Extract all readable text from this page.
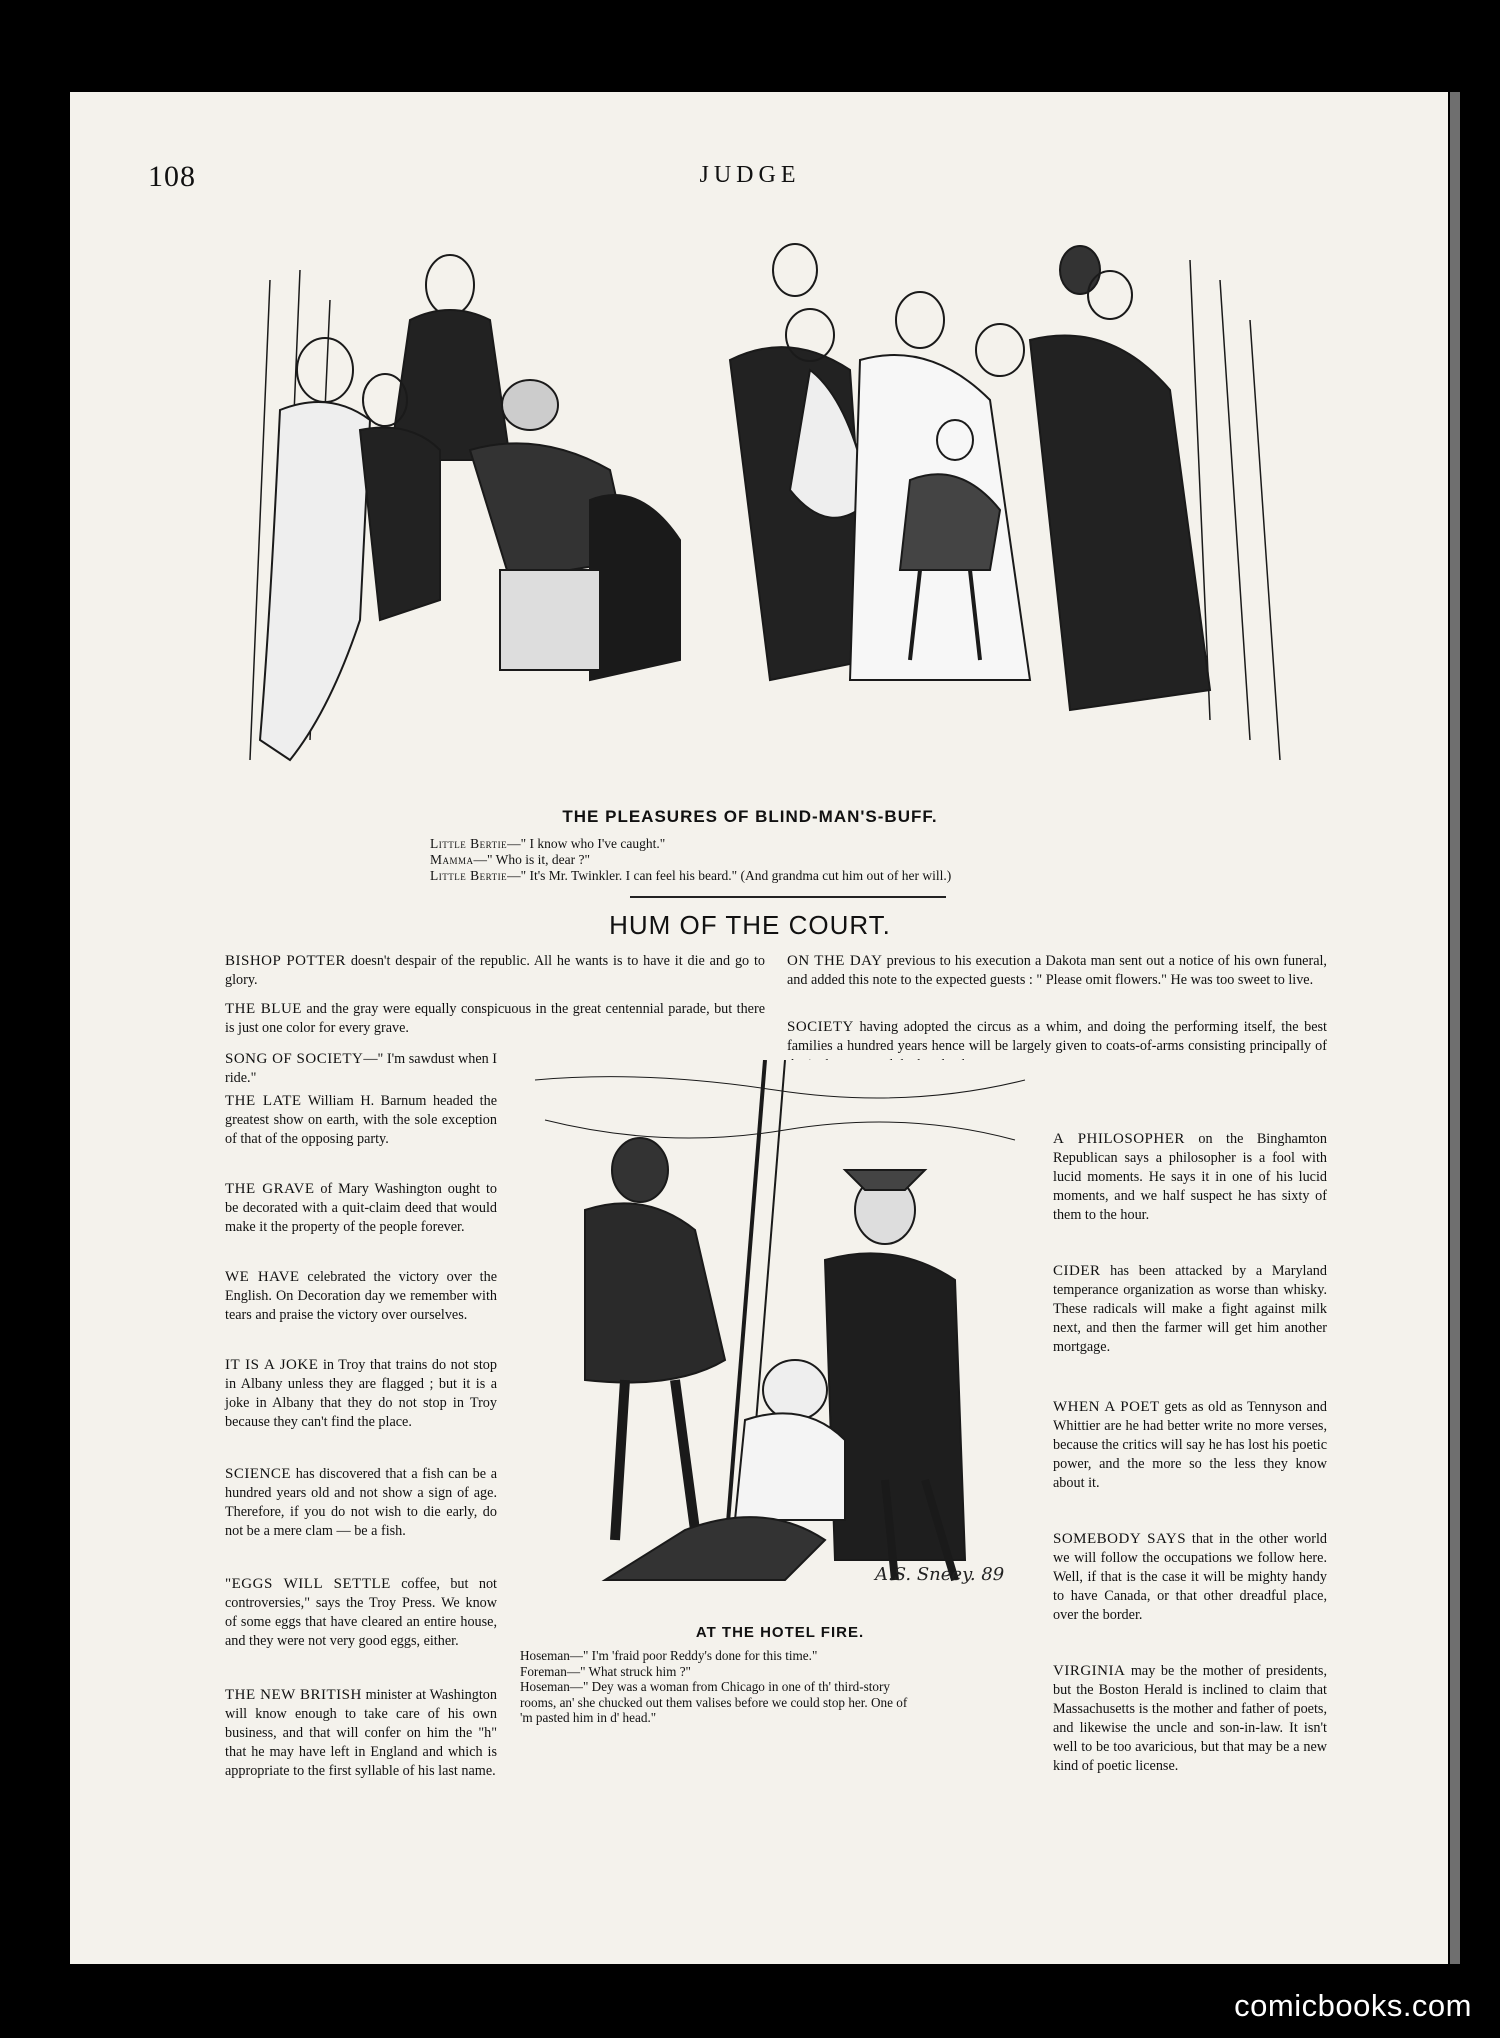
108	JUDGE
THE PLEASURES OF BLIND-MAN'S-BUFF.
Little Bertie—" I know who I've caught."
Mamma—" Who is it, dear ?"
Little Bertie—" It's Mr. Twinkler. I can feel his beard." (And grandma cut him out of her will.)
HUM OF THE COURT.
BISHOP POTTER doesn't despair of the republic. All he wants is to have it die and go to glory.
THE BLUE and the gray were equally conspicuous in the great centennial parade, but there is just one color for every grave.
SONG OF SOCIETY—" I'm sawdust when I ride."
THE LATE William H. Barnum headed the greatest show on earth, with the sole exception of that of the opposing party.
THE GRAVE of Mary Washington ought to be decorated with a quit-claim deed that would make it the property of the people forever.
WE HAVE celebrated the victory over the English. On Decoration day we remember with tears and praise the victory over ourselves.
IT IS A JOKE in Troy that trains do not stop in Albany unless they are flagged ; but it is a joke in Albany that they do not stop in Troy because they can't find the place.
SCIENCE has discovered that a fish can be a hundred years old and not show a sign of age. Therefore, if you do not wish to die early, do not be a mere clam — be a fish.
"EGGS WILL SETTLE coffee, but not controversies," says the Troy Press. We know of some eggs that have cleared an entire house, and they were not very good eggs, either.
THE NEW BRITISH minister at Washington will know enough to take care of his own business, and that will confer on him the "h" that he may have left in England and which is appropriate to the first syllable of his last name.
ON THE DAY previous to his execution a Dakota man sent out a notice of his own funeral, and added this note to the expected guests : " Please omit flowers." He was too sweet to live.
SOCIETY having adopted the circus as a whim, and doing the performing itself, the best families a hundred years hence will be largely given to coats-of-arms consisting principally of
A PHILOSOPHER on the Binghamton Republican says a philosopher is a fool with lucid moments. He says it in one of his lucid moments, and we half suspect he has sixty of them to the hour.
CIDER has been attacked by a Maryland temperance organization as worse than whisky. These radicals will make a fight against milk next, and then the farmer will get him another mortgage.
WHEN A POET gets as old as Tennyson and Whittier are he had better write no more verses, because the critics will say he has lost his poetic power, and the more so the less they know about it.
SOMEBODY SAYS that in the other world we will follow the occupations we follow here. Well, if that is the case it will be mighty handy to have Canada, or that other dreadful place, over the border.
VIRGINIA may be the mother of presidents, but the Boston Herald is inclined to claim that Massachusetts is the mother and father of poets, and likewise the uncle and son-in-law. It isn't well to be too avaricious, but that may be a new kind of poetic license.
A.S. Sneey. 89
AT THE HOTEL FIRE.
Hoseman—" I'm 'fraid poor Reddy's done for this time."
Foreman—" What struck him ?"
Hoseman—" Dey was a woman from Chicago in one of th' third-story
rooms, an' she chucked out them valises before we could stop her. One of
'm pasted him in d' head."
comicbooks.com
